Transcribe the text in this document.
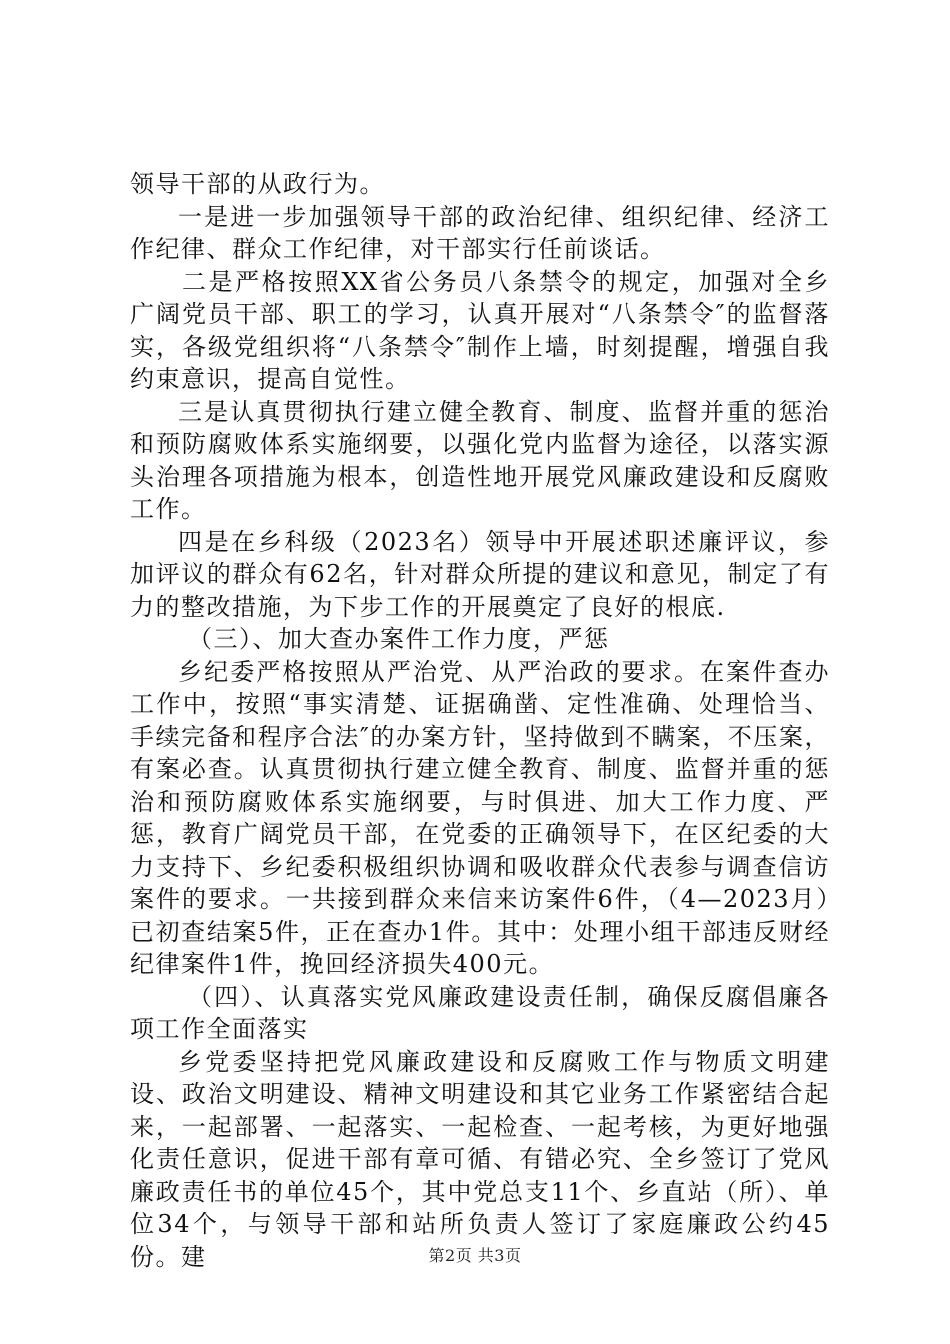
领导干部的从政行为。

一是进一步加强领导干部的政治纪律、组织纪律、经济工作纪律、群众工作纪律，对干部实行任前谈话。

二是严格按照XX省公务员八条禁令的规定，加强对全乡广阔党员干部、职工的学习，认真开展对“八条禁令″的监督落实，各级党组织将“八条禁令″制作上墙，时刻提醒，增强自我约束意识，提高自觉性。

三是认真贯彻执行建立健全教育、制度、监督并重的惩治和预防腐败体系实施纲要，以强化党内监督为途径，以落实源头治理各项措施为根本，创造性地开展党风廉政建设和反腐败工作。

四是在乡科级（2023名）领导中开展述职述廉评议，参加评议的群众有62名，针对群众所提的建议和意见，制定了有力的整改措施，为下步工作的开展奠定了良好的根底.

（三）、加大查办案件工作力度，严惩

乡纪委严格按照从严治党、从严治政的要求。在案件查办工作中，按照“事实清楚、证据确凿、定性准确、处理恰当、手续完备和程序合法″的办案方针，坚持做到不瞒案，不压案，有案必查。认真贯彻执行建立健全教育、制度、监督并重的惩治和预防腐败体系实施纲要，与时俱进、加大工作力度、严惩，教育广阔党员干部，在党委的正确领导下，在区纪委的大力支持下、乡纪委积极组织协调和吸收群众代表参与调查信访案件的要求。一共接到群众来信来访案件6件，（4—2023月）已初查结案5件，正在查办1件。其中：处理小组干部违反财经纪律案件1件，挽回经济损失400元。

（四）、认真落实党风廉政建设责任制，确保反腐倡廉各项工作全面落实

乡党委坚持把党风廉政建设和反腐败工作与物质文明建设、政治文明建设、精神文明建设和其它业务工作紧密结合起来，一起部署、一起落实、一起检查、一起考核，为更好地强化责任意识，促进干部有章可循、有错必究、全乡签订了党风廉政责任书的单位45个，其中党总支11个、乡直站（所）、单位34个，与领导干部和站所负责人签订了家庭廉政公约45份。建	第2页 共3页
